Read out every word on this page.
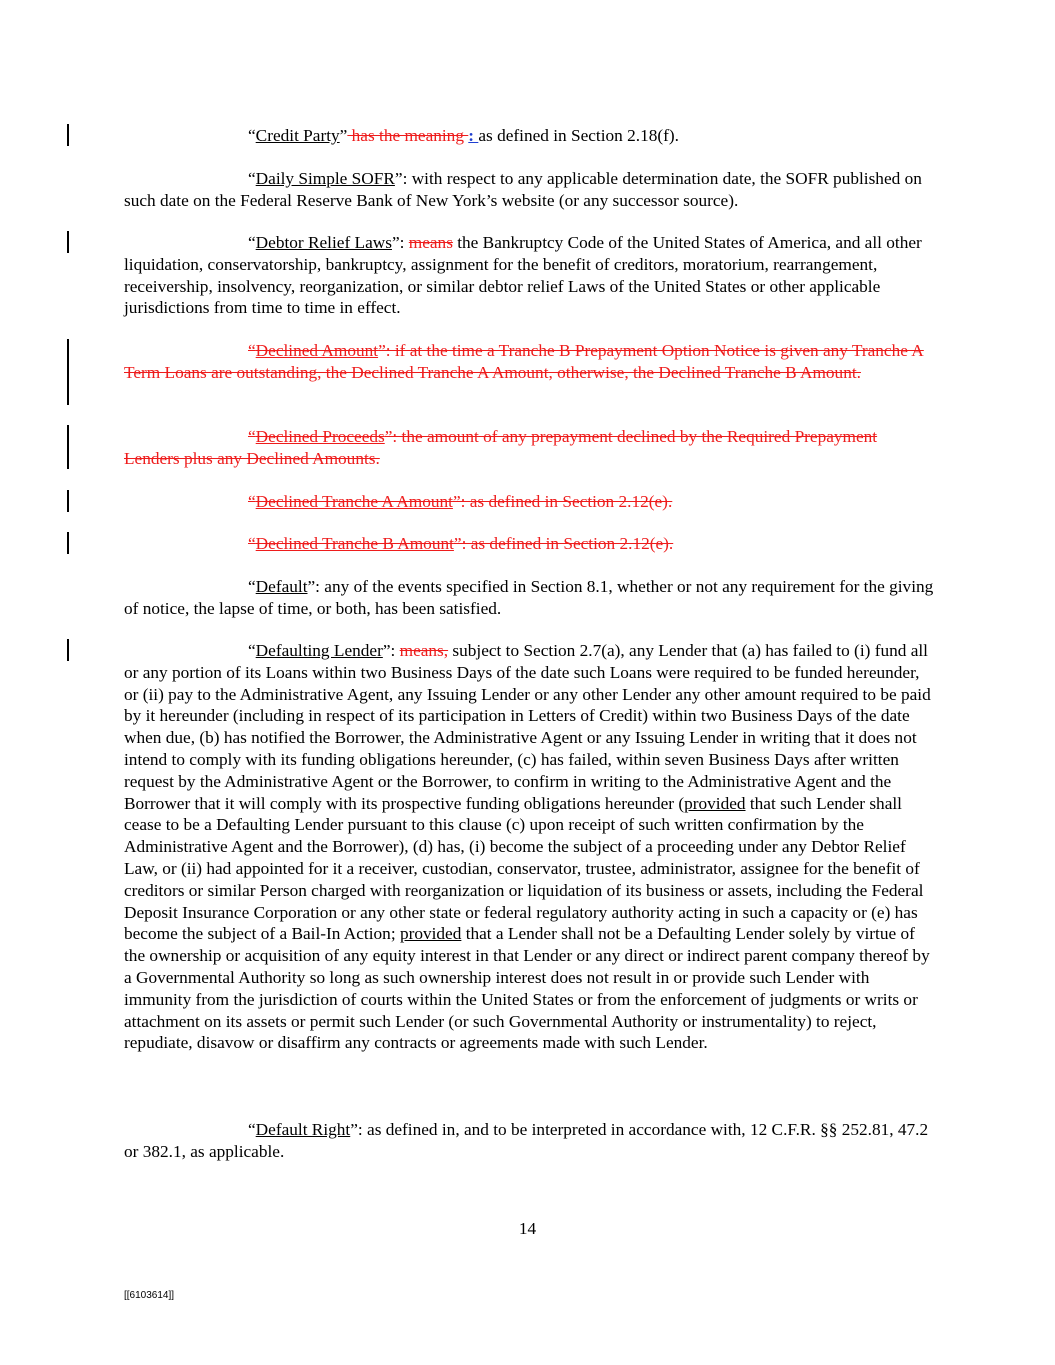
“Credit Party” has the meaning : as defined in Section 2.18(f).
“Daily Simple SOFR”: with respect to any applicable determination date, the SOFR published on such date on the Federal Reserve Bank of New York’s website (or any successor source).
“Debtor Relief Laws”: means the Bankruptcy Code of the United States of America, and all other liquidation, conservatorship, bankruptcy, assignment for the benefit of creditors, moratorium, rearrangement, receivership, insolvency, reorganization, or similar debtor relief Laws of the United States or other applicable jurisdictions from time to time in effect.
“Declined Amount”: if at the time a Tranche B Prepayment Option Notice is given any Tranche A Term Loans are outstanding, the Declined Tranche A Amount, otherwise, the Declined Tranche B Amount.
“Declined Proceeds”: the amount of any prepayment declined by the Required Prepayment Lenders plus any Declined Amounts.
“Declined Tranche A Amount”: as defined in Section 2.12(e).
“Declined Tranche B Amount”: as defined in Section 2.12(e).
“Default”: any of the events specified in Section 8.1, whether or not any requirement for the giving of notice, the lapse of time, or both, has been satisfied.
“Defaulting Lender”: means, subject to Section 2.7(a), any Lender that (a) has failed to (i) fund all or any portion of its Loans within two Business Days of the date such Loans were required to be funded hereunder, or (ii) pay to the Administrative Agent, any Issuing Lender or any other Lender any other amount required to be paid by it hereunder (including in respect of its participation in Letters of Credit) within two Business Days of the date when due, (b) has notified the Borrower, the Administrative Agent or any Issuing Lender in writing that it does not intend to comply with its funding obligations hereunder, (c) has failed, within seven Business Days after written request by the Administrative Agent or the Borrower, to confirm in writing to the Administrative Agent and the Borrower that it will comply with its prospective funding obligations hereunder (provided that such Lender shall cease to be a Defaulting Lender pursuant to this clause (c) upon receipt of such written confirmation by the Administrative Agent and the Borrower), (d) has, (i) become the subject of a proceeding under any Debtor Relief Law, or (ii) had appointed for it a receiver, custodian, conservator, trustee, administrator, assignee for the benefit of creditors or similar Person charged with reorganization or liquidation of its business or assets, including the Federal Deposit Insurance Corporation or any other state or federal regulatory authority acting in such a capacity or (e) has become the subject of a Bail-In Action; provided that a Lender shall not be a Defaulting Lender solely by virtue of the ownership or acquisition of any equity interest in that Lender or any direct or indirect parent company thereof by a Governmental Authority so long as such ownership interest does not result in or provide such Lender with immunity from the jurisdiction of courts within the United States or from the enforcement of judgments or writs or attachment on its assets or permit such Lender (or such Governmental Authority or instrumentality) to reject, repudiate, disavow or disaffirm any contracts or agreements made with such Lender.
“Default Right”: as defined in, and to be interpreted in accordance with, 12 C.F.R. §§ 252.81, 47.2 or 382.1, as applicable.
14
[[6103614]]
